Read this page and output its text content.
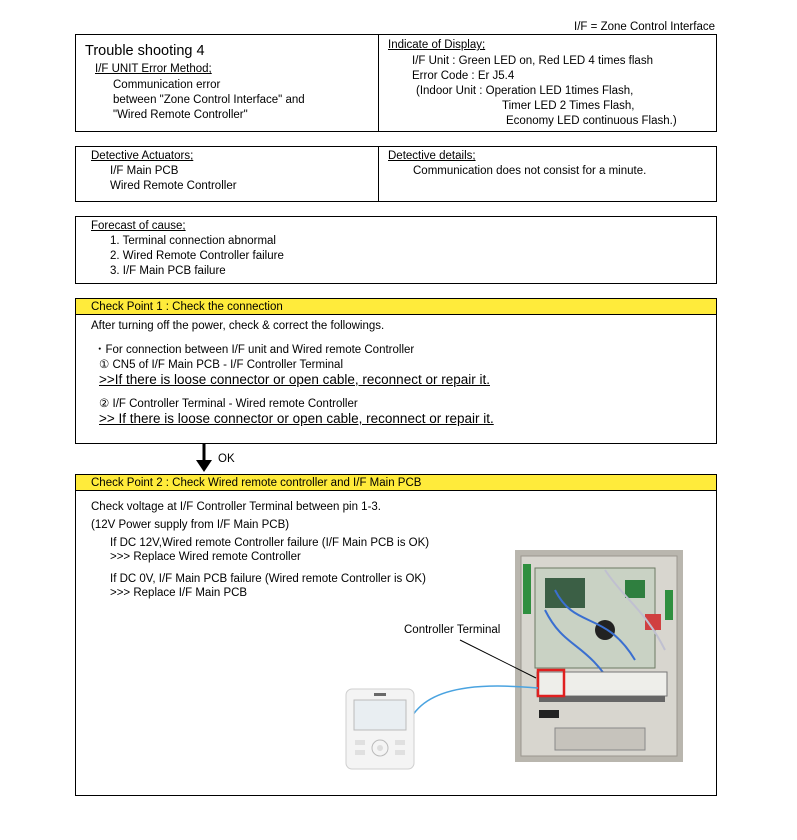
I/F = Zone Control Interface
Trouble shooting 4
I/F UNIT Error Method;
Communication error
between "Zone Control Interface" and
"Wired Remote Controller"
Indicate of Display;
I/F Unit : Green LED on, Red LED 4 times flash
Error Code : Er J5.4
(Indoor Unit : Operation LED 1times Flash,
Timer LED 2 Times Flash,
Economy LED continuous Flash.)
Detective Actuators;
I/F Main PCB
Wired Remote Controller
Detective details;
Communication does not consist for a minute.
Forecast of cause;
1. Terminal connection abnormal
2. Wired Remote Controller failure
3. I/F Main PCB failure
Check Point 1 : Check the connection
After turning off the power, check & correct the followings.
・For connection between I/F unit and Wired remote Controller
① CN5 of I/F Main PCB - I/F Controller Terminal
>>If there is loose connector or open cable, reconnect or repair it.
② I/F Controller Terminal - Wired remote Controller
>> If there is loose connector or open cable, reconnect or repair it.
OK
Check Point 2 : Check Wired remote controller and I/F Main PCB
Check voltage at I/F Controller Terminal between pin 1-3.
(12V Power supply from I/F Main PCB)
If DC 12V,Wired remote Controller failure (I/F Main PCB is OK)
>>> Replace Wired remote Controller
If DC 0V, I/F Main PCB failure (Wired remote Controller is OK)
>>> Replace I/F Main PCB
Controller Terminal
